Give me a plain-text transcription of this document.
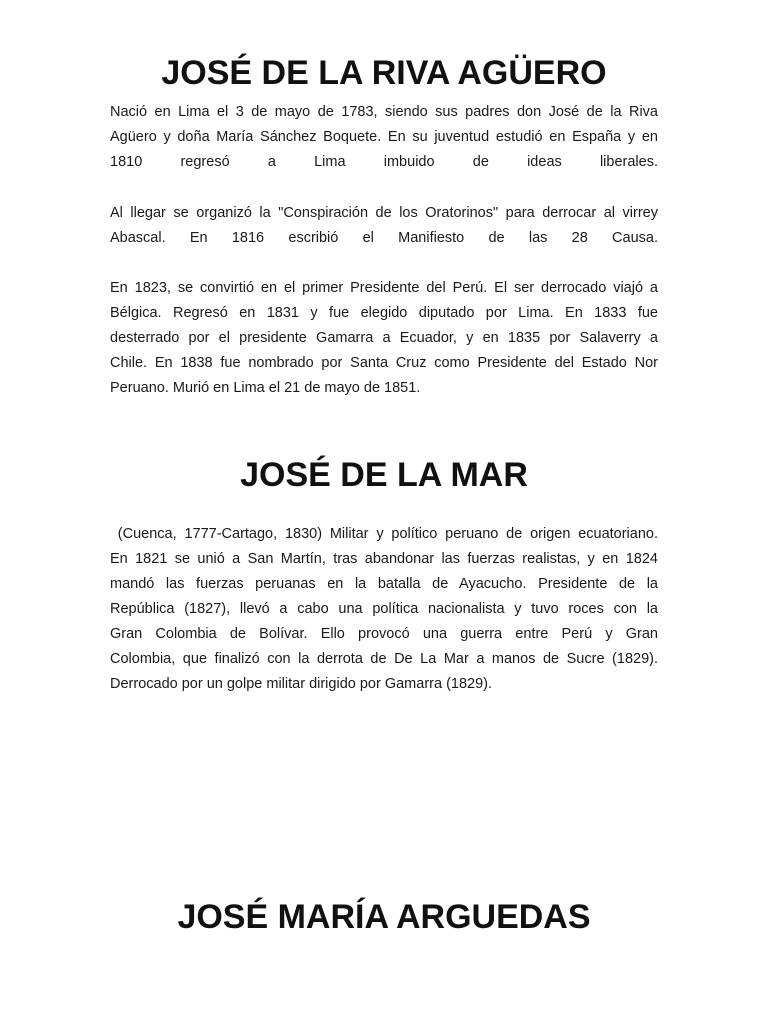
JOSÉ DE LA RIVA AGÜERO

Nació en Lima el 3 de mayo de 1783, siendo sus padres don José de la Riva
Agüero y doña María Sánchez Boquete. En su juventud estudió en España y en
1810 regresó a Lima imbuido de ideas liberales.

Al llegar se organizó la "Conspiración de los Oratorinos" para derrocar al virrey
Abascal. En 1816 escribió el Manifiesto de las 28 Causa.

En 1823, se convirtió en el primer Presidente del Perú. El ser derrocado viajó a
Bélgica. Regresó en 1831 y fue elegido diputado por Lima. En 1833 fue
desterrado por el presidente Gamarra a Ecuador, y en 1835 por Salaverry a
Chile. En 1838 fue nombrado por Santa Cruz como Presidente del Estado Nor
Peruano. Murió en Lima el 21 de mayo de 1851.

JOSÉ DE LA MAR

(Cuenca, 1777-Cartago, 1830) Militar y político peruano de origen ecuatoriano.
En 1821 se unió a San Martín, tras abandonar las fuerzas realistas, y en 1824
mandó las fuerzas peruanas en la batalla de Ayacucho. Presidente de la
República (1827), llevó a cabo una política nacionalista y tuvo roces con la
Gran Colombia de Bolívar. Ello provocó una guerra entre Perú y Gran
Colombia, que finalizó con la derrota de De La Mar a manos de Sucre (1829).
Derrocado por un golpe militar dirigido por Gamarra (1829).

JOSÉ MARÍA ARGUEDAS
